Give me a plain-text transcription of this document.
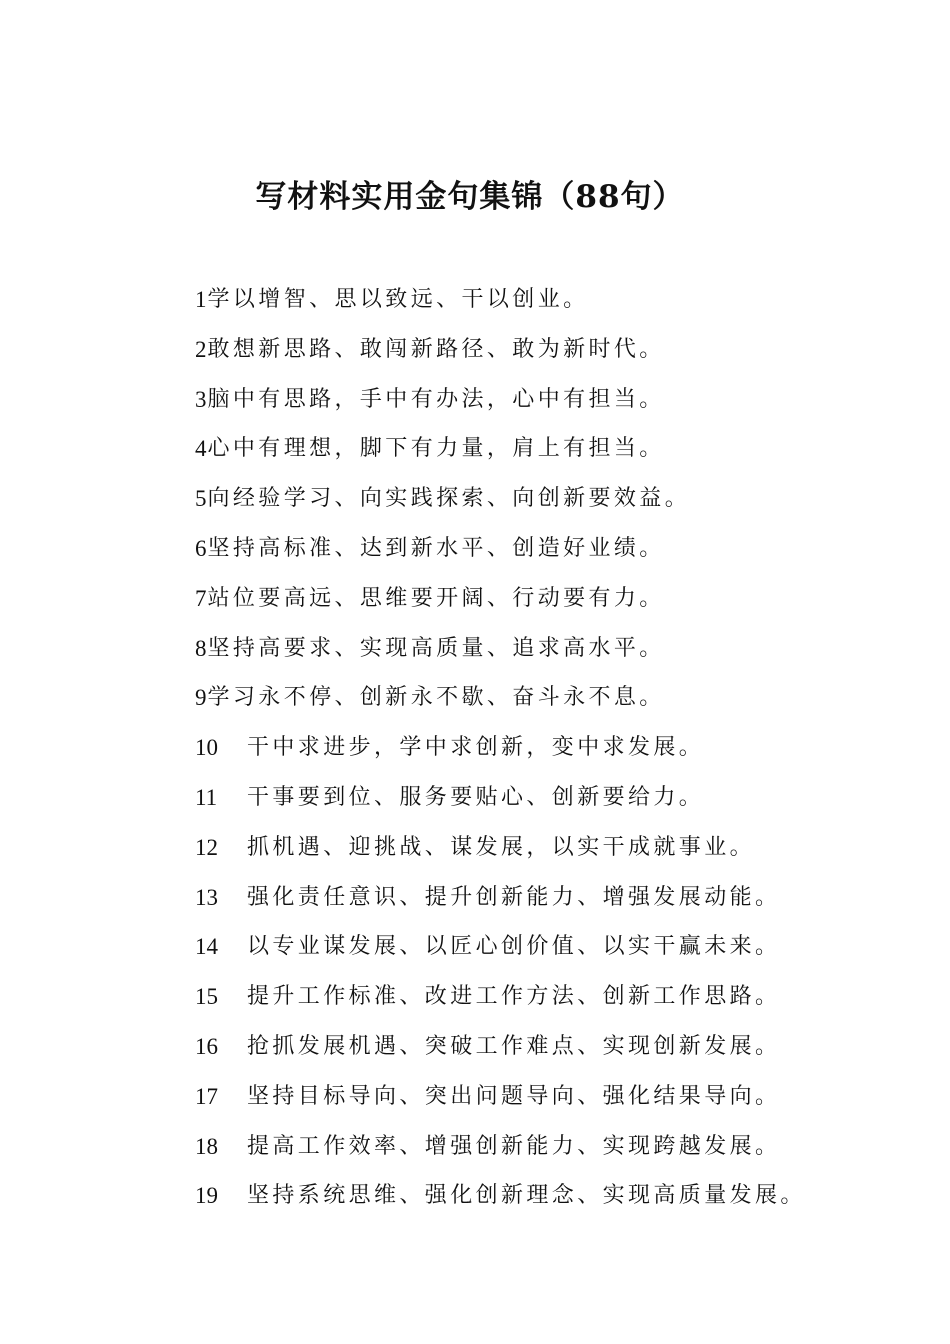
写材料实用金句集锦（88句）
1 学以增智、思以致远、干以创业。
2 敢想新思路、敢闯新路径、敢为新时代。
3 脑中有思路，手中有办法，心中有担当。
4 心中有理想，脚下有力量，肩上有担当。
5 向经验学习、向实践探索、向创新要效益。
6 坚持高标准、达到新水平、创造好业绩。
7 站位要高远、思维要开阔、行动要有力。
8 坚持高要求、实现高质量、追求高水平。
9 学习永不停、创新永不歇、奋斗永不息。
10	干中求进步，学中求创新，变中求发展。
11	干事要到位、服务要贴心、创新要给力。
12	抓机遇、迎挑战、谋发展，以实干成就事业。
13	强化责任意识、提升创新能力、增强发展动能。
14	以专业谋发展、以匠心创价值、以实干赢未来。
15	提升工作标准、改进工作方法、创新工作思路。
16	抢抓发展机遇、突破工作难点、实现创新发展。
17	坚持目标导向、突出问题导向、强化结果导向。
18	提高工作效率、增强创新能力、实现跨越发展。
19	坚持系统思维、强化创新理念、实现高质量发展。
